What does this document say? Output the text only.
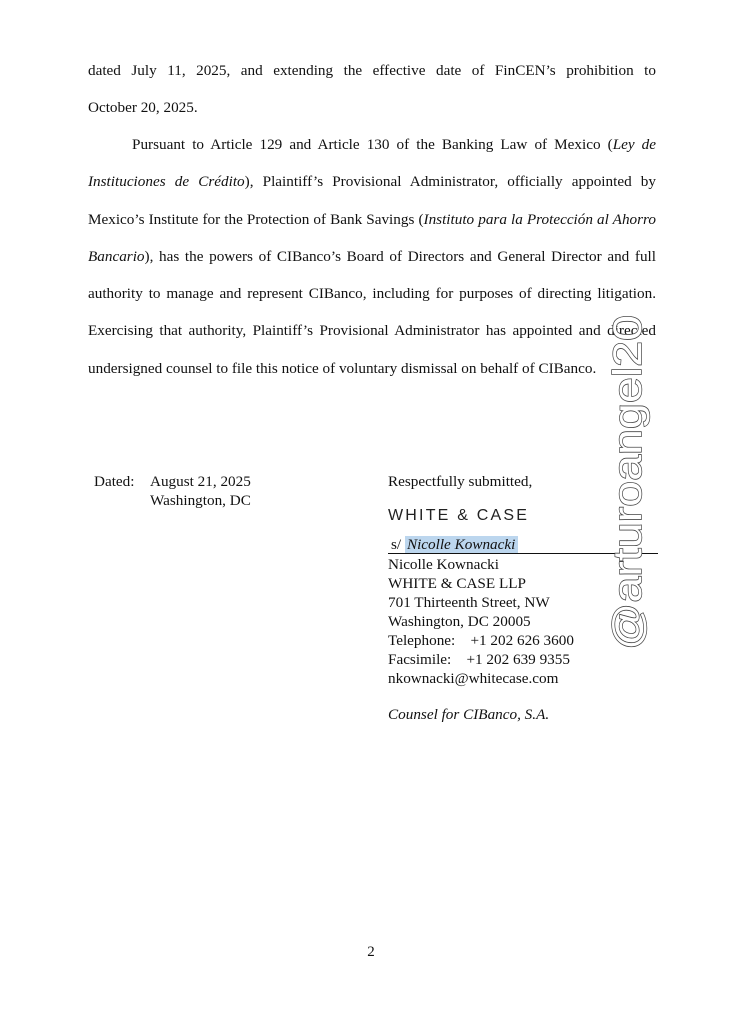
dated July 11, 2025, and extending the effective date of FinCEN’s prohibition to

October 20, 2025.

Pursuant to Article 129 and Article 130 of the Banking Law of Mexico (Ley de Instituciones de Crédito), Plaintiff’s Provisional Administrator, officially appointed by Mexico’s Institute for the Protection of Bank Savings (Instituto para la Protección al Ahorro Bancario), has the powers of CIBanco’s Board of Directors and General Director and full authority to manage and represent CIBanco, including for purposes of directing litigation. Exercising that authority, Plaintiff’s Provisional Administrator has appointed and directed undersigned counsel to file this notice of voluntary dismissal on behalf of CIBanco.

Dated: August 21, 2025
Washington, DC
Respectfully submitted,
WHITE & CASE
s/ Nicolle Kownacki
Nicolle Kownacki
WHITE & CASE LLP
701 Thirteenth Street, NW
Washington, DC 20005
Telephone:    +1 202 626 3600
Facsimile:    +1 202 639 9355
nkownacki@whitecase.com
Counsel for CIBanco, S.A.
2
@arturoangel20
